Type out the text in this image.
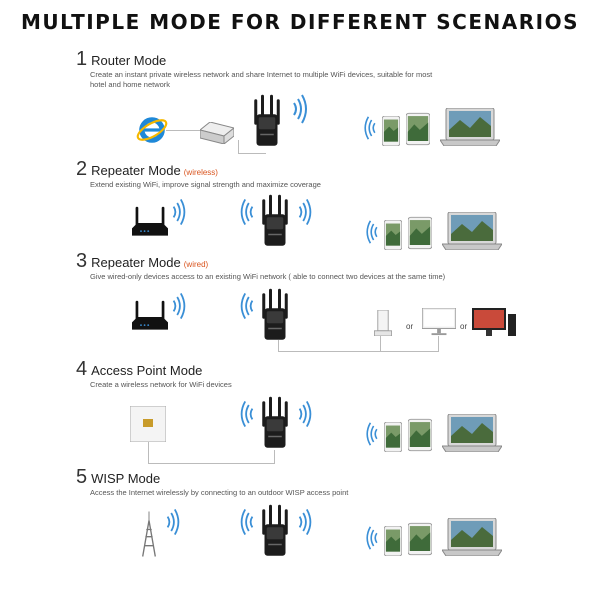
MULTIPLE MODE FOR DIFFERENT SCENARIOS
1 Router Mode
Create an instant private wireless network and share Internet to multiple WiFi devices, suitable for most hotel and home network
2 Repeater Mode (wireless)
Extend existing WiFi, improve signal strength and maximize coverage
3 Repeater Mode (wired)
Give wired-only devices access to an existing WiFi network ( able to connect two devices at the same time)
or	or
4 Access Point Mode
Create a wireless network for WiFi devices
5 WISP Mode
Access the Internet wirelessly by connecting to an outdoor WISP access point
